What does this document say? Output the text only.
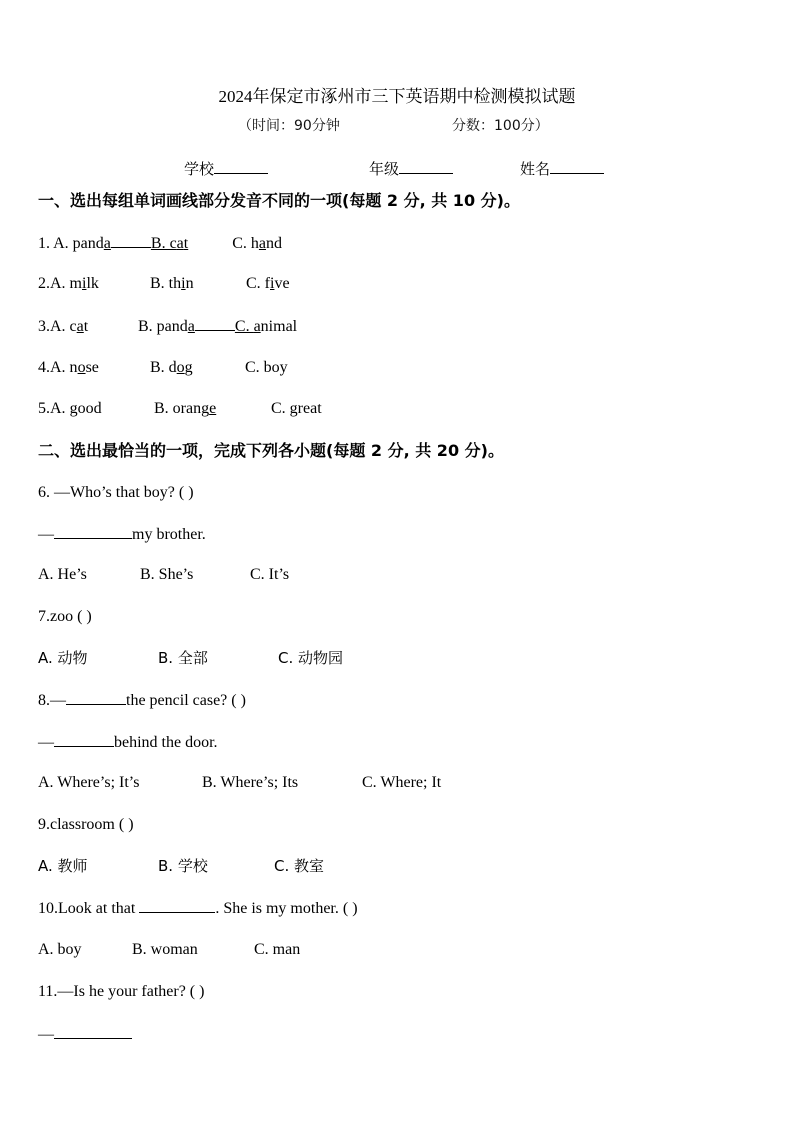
2024年保定市涿州市三下英语期中检测模拟试题
（时间：90分钟	分数：100分）
学校	年级	姓名
一、选出每组单词画线部分发音不同的一项(每题 2 分, 共 10 分)。
1. A. panda	B. cat	C. hand
2.A. milk	B. thin	C. five
3.A. cat	B. panda	C. animal
4.A. nose	B. dog	C. boy
5.A. good	B. orange	C. great
二、选出最恰当的一项，完成下列各小题(每题 2 分, 共 20 分)。
6. —Who’s that boy? ( )
—	my brother.
A. He’s	B. She’s	C. It’s
7.zoo ( )
A. 动物	B. 全部	C. 动物园
8.—	the pencil case? ( )
—	behind the door.
A. Where’s; It’s	B. Where’s; Its	C. Where; It
9.classroom ( )
A. 教师	B. 学校	C. 教室
10.Look at that	. She is my mother. ( )
A. boy	B. woman	C. man
11.—Is he your father? ( )
—
